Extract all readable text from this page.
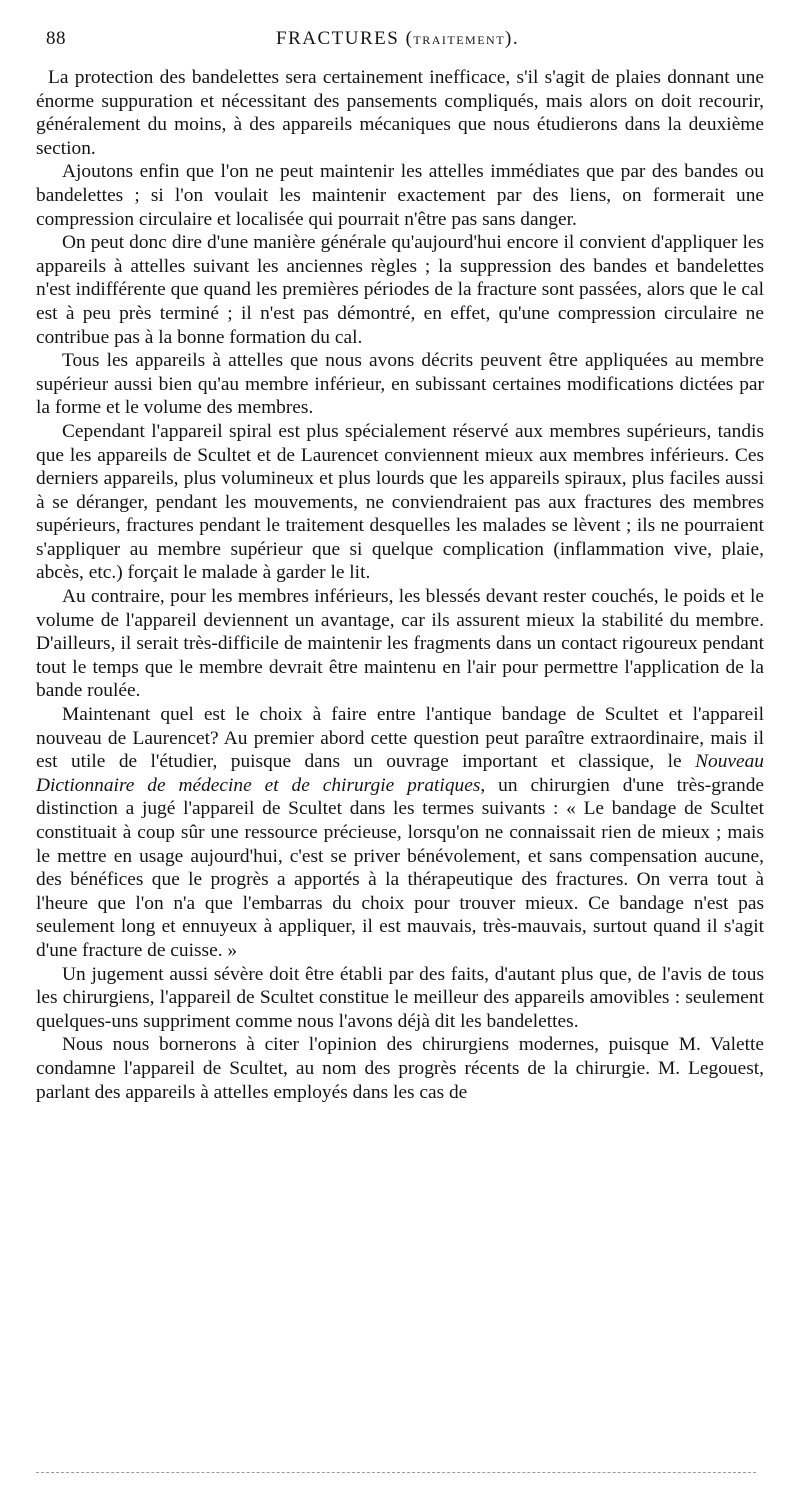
88	FRACTURES (TRAITEMENT).

La protection des bandelettes sera certainement inefficace, s'il s'agit de plaies donnant une énorme suppuration et nécessitant des pansements compliqués, mais alors on doit recourir, généralement du moins, à des appareils mécaniques que nous étudierons dans la deuxième section.

Ajoutons enfin que l'on ne peut maintenir les attelles immédiates que par des bandes ou bandelettes ; si l'on voulait les maintenir exactement par des liens, on formerait une compression circulaire et localisée qui pourrait n'être pas sans danger.

On peut donc dire d'une manière générale qu'aujourd'hui encore il convient d'appliquer les appareils à attelles suivant les anciennes règles ; la suppression des bandes et bandelettes n'est indifférente que quand les premières périodes de la fracture sont passées, alors que le cal est à peu près terminé ; il n'est pas démontré, en effet, qu'une compression circulaire ne contribue pas à la bonne formation du cal.

Tous les appareils à attelles que nous avons décrits peuvent être appliquées au membre supérieur aussi bien qu'au membre inférieur, en subissant certaines modifications dictées par la forme et le volume des membres.

Cependant l'appareil spiral est plus spécialement réservé aux membres supérieurs, tandis que les appareils de Scultet et de Laurencet conviennent mieux aux membres inférieurs. Ces derniers appareils, plus volumineux et plus lourds que les appareils spiraux, plus faciles aussi à se déranger, pendant les mouvements, ne conviendraient pas aux fractures des membres supérieurs, fractures pendant le traitement desquelles les malades se lèvent ; ils ne pourraient s'appliquer au membre supérieur que si quelque complication (inflammation vive, plaie, abcès, etc.) forçait le malade à garder le lit.

Au contraire, pour les membres inférieurs, les blessés devant rester couchés, le poids et le volume de l'appareil deviennent un avantage, car ils assurent mieux la stabilité du membre. D'ailleurs, il serait très-difficile de maintenir les fragments dans un contact rigoureux pendant tout le temps que le membre devrait être maintenu en l'air pour permettre l'application de la bande roulée.

Maintenant quel est le choix à faire entre l'antique bandage de Scultet et l'appareil nouveau de Laurencet? Au premier abord cette question peut paraître extraordinaire, mais il est utile de l'étudier, puisque dans un ouvrage important et classique, le Nouveau Dictionnaire de médecine et de chirurgie pratiques, un chirurgien d'une très-grande distinction a jugé l'appareil de Scultet dans les termes suivants : « Le bandage de Scultet constituait à coup sûr une ressource précieuse, lorsqu'on ne connaissait rien de mieux ; mais le mettre en usage aujourd'hui, c'est se priver bénévolement, et sans compensation aucune, des bénéfices que le progrès a apportés à la thérapeutique des fractures. On verra tout à l'heure que l'on n'a que l'embarras du choix pour trouver mieux. Ce bandage n'est pas seulement long et ennuyeux à appliquer, il est mauvais, très-mauvais, surtout quand il s'agit d'une fracture de cuisse. »

Un jugement aussi sévère doit être établi par des faits, d'autant plus que, de l'avis de tous les chirurgiens, l'appareil de Scultet constitue le meilleur des appareils amovibles : seulement quelques-uns suppriment comme nous l'avons déjà dit les bandelettes.

Nous nous bornerons à citer l'opinion des chirurgiens modernes, puisque M. Valette condamne l'appareil de Scultet, au nom des progrès récents de la chirurgie. M. Legouest, parlant des appareils à attelles employés dans les cas de
